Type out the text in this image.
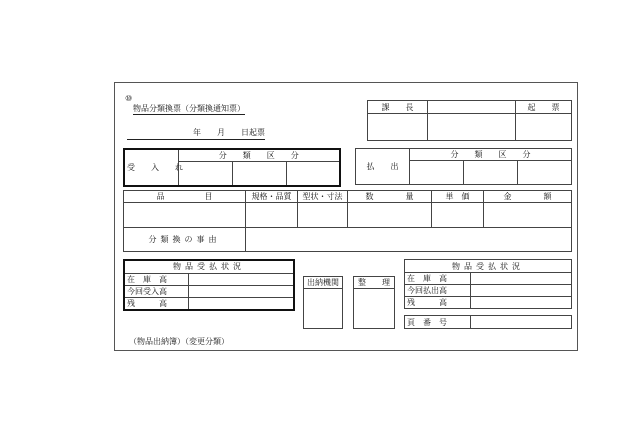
⑩
物品分類換票（分類換通知票）
年　　月　　日起票
課　　長		起　　票

受　入　れ	分　　類　　区　　分		

払　　出	分　　類　　区　　分		

品　　　　　目	規格・品質	型状・寸法	数　　　　量	単　価	金　　　　額

分類換の事由					
物品受払状況	
在　庫　高	
今回受入高	
残　　　高	
出納機関 整　　理

物品受払状況	
在　庫　高	
今回払出高	
残　　　高	
頁　番　号	
（物品出納簿）（変更分類）
